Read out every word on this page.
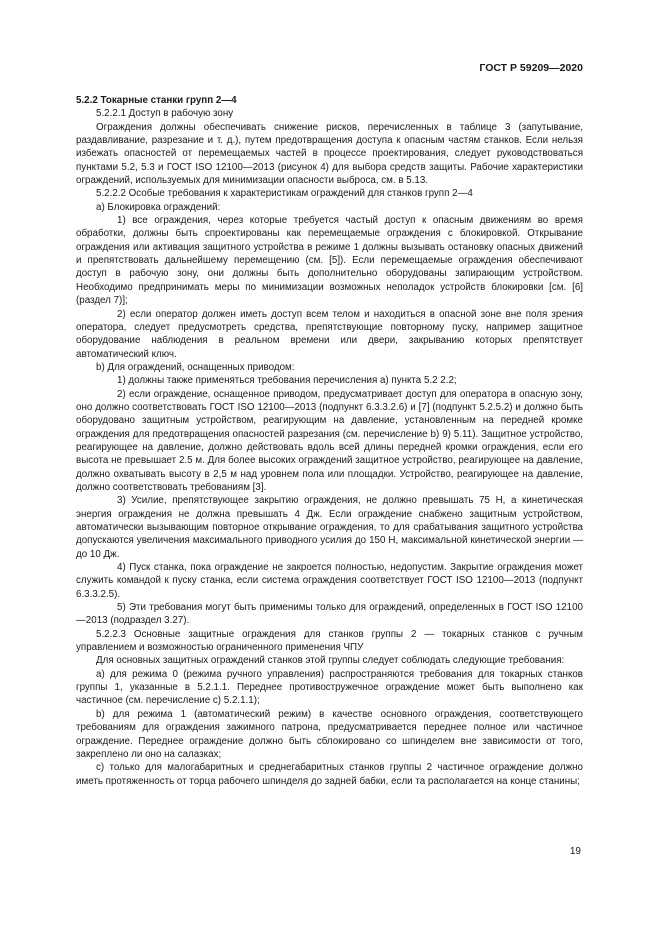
ГОСТ Р 59209—2020

5.2.2 Токарные станки групп 2—4

5.2.2.1 Доступ в рабочую зону

Ограждения должны обеспечивать снижение рисков, перечисленных в таблице 3 (запутывание, раздавливание, разрезание и т. д.), путем предотвращения доступа к опасным частям станков. Если нельзя избежать опасностей от перемещаемых частей в процессе проектирования, следует руководствоваться пунктами 5.2, 5.3 и ГОСТ ISO 12100—2013 (рисунок 4) для выбора средств защиты. Рабочие характеристики ограждений, используемых для минимизации опасности выброса, см. в 5.13.

5.2.2.2 Особые требования к характеристикам ограждений для станков групп 2—4

a) Блокировка ограждений:

1) все ограждения, через которые требуется частый доступ к опасным движениям во время обработки, должны быть спроектированы как перемещаемые ограждения с блокировкой. Открывание ограждения или активация защитного устройства в режиме 1 должны вызывать остановку опасных движений и препятствовать дальнейшему перемещению (см. [5]). Если перемещаемые ограждения обеспечивают доступ в рабочую зону, они должны быть дополнительно оборудованы запирающим устройством. Необходимо предпринимать меры по минимизации возможных неполадок устройств блокировки [см. [6] (раздел 7)];

2) если оператор должен иметь доступ всем телом и находиться в опасной зоне вне поля зрения оператора, следует предусмотреть средства, препятствующие повторному пуску, например защитное оборудование наблюдения в реальном времени или двери, закрыванию которых препятствует автоматический ключ.

b) Для ограждений, оснащенных приводом:

1) должны также применяться требования перечисления а) пункта 5.2 2.2;

2) если ограждение, оснащенное приводом, предусматривает доступ для оператора в опасную зону, оно должно соответствовать ГОСТ ISO 12100—2013 (подпункт 6.3.3.2.6) и [7] (подпункт 5.2.5.2) и должно быть оборудовано защитным устройством, реагирующим на давление, установленным на передней кромке ограждения для предотвращения опасностей разрезания (см. перечисление b) 9) 5.11). Защитное устройство, реагирующее на давление, должно действовать вдоль всей длины передней кромки ограждения, если его высота не превышает 2.5 м. Для более высоких ограждений защитное устройство, реагирующее на давление, должно охватывать высоту в 2,5 м над уровнем пола или площадки. Устройство, реагирующее на давление, должно соответствовать требованиям [3].

3) Усилие, препятствующее закрытию ограждения, не должно превышать 75 Н, а кинетическая энергия ограждения не должна превышать 4 Дж. Если ограждение снабжено защитным устройством, автоматически вызывающим повторное открывание ограждения, то для срабатывания защитного устройства допускаются увеличения максимального приводного усилия до 150 Н, максимальной кинетической энергии — до 10 Дж.

4) Пуск станка, пока ограждение не закроется полностью, недопустим. Закрытие ограждения может служить командой к пуску станка, если система ограждения соответствует ГОСТ ISO 12100—2013 (подпункт 6.3.3.2.5).

5) Эти требования могут быть применимы только для ограждений, определенных в ГОСТ ISO 12100—2013 (подраздел 3.27).

5.2.2.3 Основные защитные ограждения для станков группы 2 — токарных станков с ручным управлением и возможностью ограниченного применения ЧПУ

Для основных защитных ограждений станков этой группы следует соблюдать следующие требования:

a) для режима 0 (режима ручного управления) распространяются требования для токарных станков группы 1, указанные в 5.2.1.1. Переднее противостружечное ограждение может быть выполнено как частичное (см. перечисление c) 5.2.1.1);

b) для режима 1 (автоматический режим) в качестве основного ограждения, соответствующего требованиям для ограждения зажимного патрона, предусматривается переднее полное или частичное ограждение. Переднее ограждение должно быть сблокировано со шпинделем вне зависимости от того, закреплено ли оно на салазках;

c) только для малогабаритных и среднегабаритных станков группы 2 частичное ограждение должно иметь протяженность от торца рабочего шпинделя до задней бабки, если та располагается на конце станины;

19
